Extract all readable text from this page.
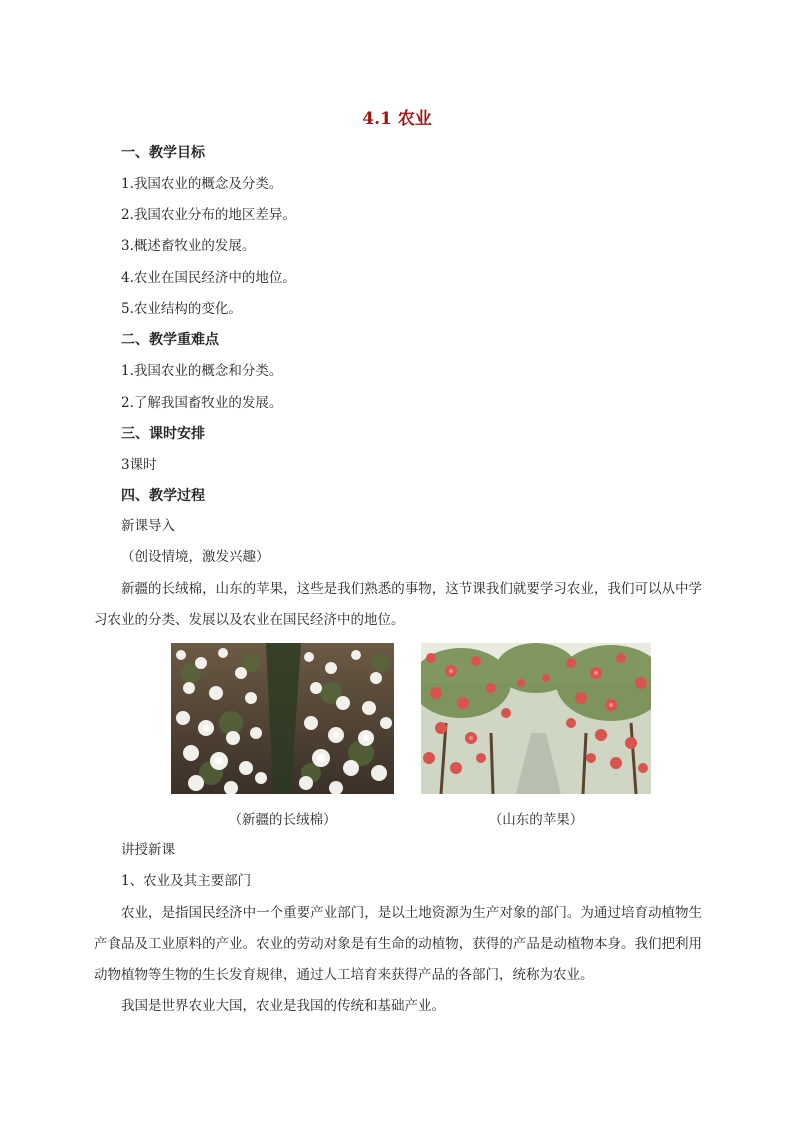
4.1 农业
一、教学目标
1.我国农业的概念及分类。
2.我国农业分布的地区差异。
3.概述畜牧业的发展。
4.农业在国民经济中的地位。
5.农业结构的变化。
二、教学重难点
1.我国农业的概念和分类。
2.了解我国畜牧业的发展。
三、课时安排
3课时
四、教学过程
新课导入
（创设情境，激发兴趣）
新疆的长绒棉，山东的苹果，这些是我们熟悉的事物，这节课我们就要学习农业，我们可以从中学习农业的分类、发展以及农业在国民经济中的地位。
（新疆的长绒棉）	（山东的苹果）
讲授新课
1、农业及其主要部门
农业，是指国民经济中一个重要产业部门，是以土地资源为生产对象的部门。为通过培育动植物生产食品及工业原料的产业。农业的劳动对象是有生命的动植物，获得的产品是动植物本身。我们把利用动物植物等生物的生长发育规律，通过人工培育来获得产品的各部门，统称为农业。
我国是世界农业大国，农业是我国的传统和基础产业。
